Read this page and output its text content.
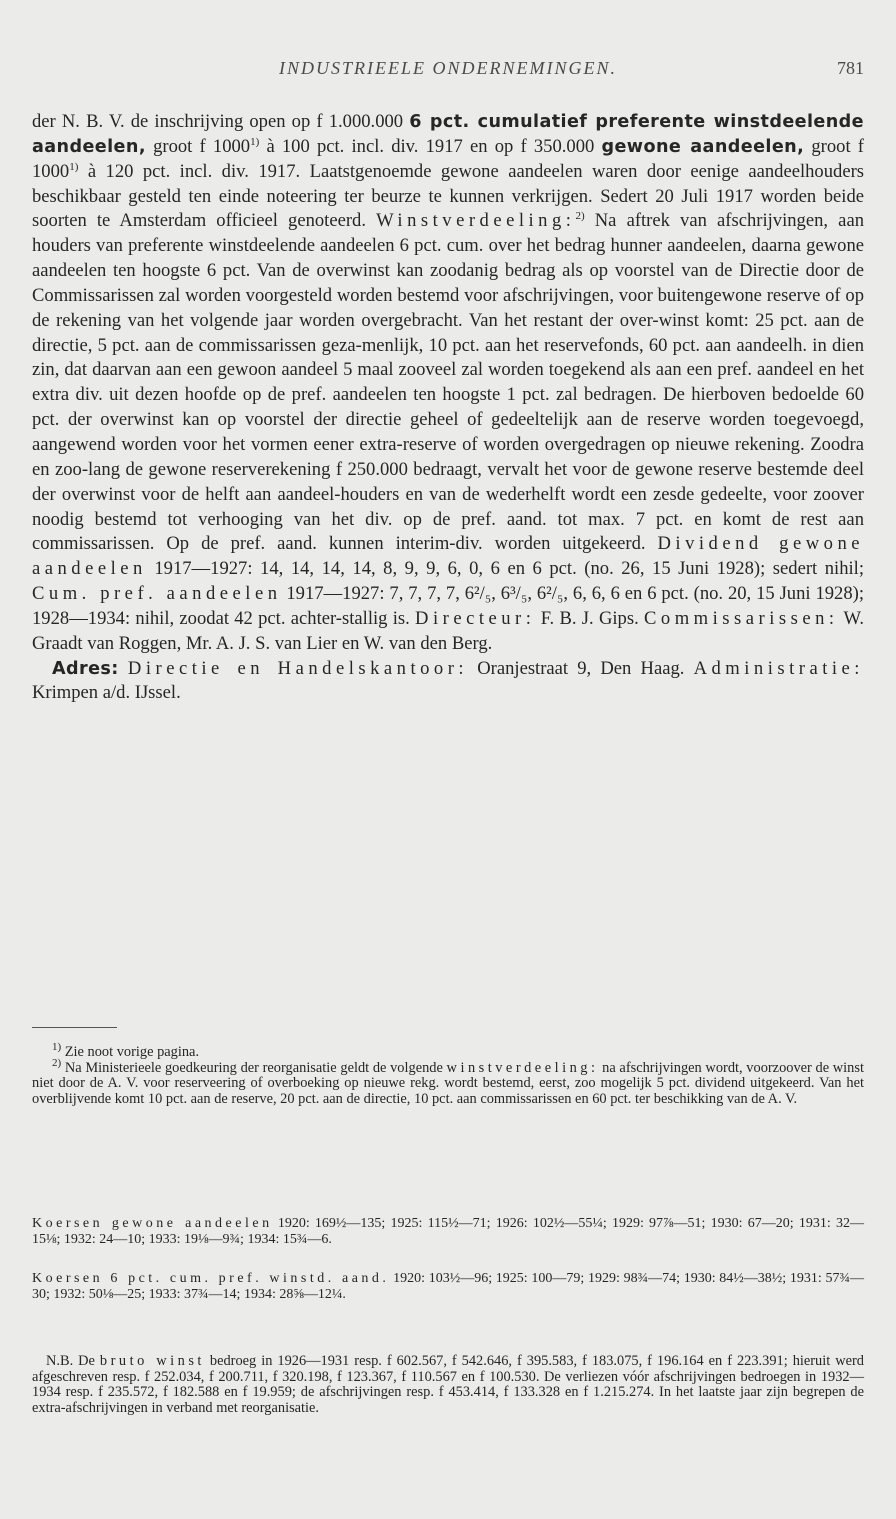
INDUSTRIEELE ONDERNEMINGEN.	781

der N. B. V. de inschrijving open op f 1.000.000 6 pct. cumulatief preferente winstdeelende aandeelen, groot f 1000$^{1)}$ à 100 pct. incl. div. 1917 en op f 350.000 gewone aandeelen, groot f 1000$^{1)}$ à 120 pct. incl. div. 1917. Laatstgenoemde gewone aandeelen waren door eenige aandeelhouders beschikbaar gesteld ten einde noteering ter beurze te kunnen verkrijgen. Sedert 20 Juli 1917 worden beide soorten te Amsterdam officieel genoteerd. Winstverdeeling:$^{2)}$ Na aftrek van afschrijvingen, aan houders van preferente winstdeelende aandeelen 6 pct. cum. over het bedrag hunner aandeelen, daarna gewone aandeelen ten hoogste 6 pct. Van de overwinst kan zoodanig bedrag als op voorstel van de Directie door de Commissarissen zal worden voorgesteld worden bestemd voor afschrijvingen, voor buitengewone reserve of op de rekening van het volgende jaar worden overgebracht. Van het restant der over-winst komt: 25 pct. aan de directie, 5 pct. aan de commissarissen geza-menlijk, 10 pct. aan het reservefonds, 60 pct. aan aandeelh. in dien zin, dat daarvan aan een gewoon aandeel 5 maal zooveel zal worden toegekend als aan een pref. aandeel en het extra div. uit dezen hoofde op de pref. aandeelen ten hoogste 1 pct. zal bedragen. De hierboven bedoelde 60 pct. der overwinst kan op voorstel der directie geheel of gedeeltelijk aan de reserve worden toegevoegd, aangewend worden voor het vormen eener extra-reserve of worden overgedragen op nieuwe rekening. Zoodra en zoo-lang de gewone reserverekening f 250.000 bedraagt, vervalt het voor de gewone reserve bestemde deel der overwinst voor de helft aan aandeel-houders en van de wederhelft wordt een zesde gedeelte, voor zoover noodig bestemd tot verhooging van het div. op de pref. aand. tot max. 7 pct. en komt de rest aan commissarissen. Op de pref. aand. kunnen interim-div. worden uitgekeerd. Dividend gewone aandeelen 1917—1927: 14, 14, 14, 14, 8, 9, 9, 6, 0, 6 en 6 pct. (no. 26, 15 Juni 1928); sedert nihil; Cum. pref. aandeelen 1917—1927: 7, 7, 7, 7, 6²/₅, 6³/₅, 6²/₅, 6, 6, 6 en 6 pct. (no. 20, 15 Juni 1928); 1928—1934: nihil, zoodat 42 pct. achter-stallig is. Directeur: F. B. J. Gips. Commissarissen: W. Graadt van Roggen, Mr. A. J. S. van Lier en W. van den Berg.

Adres: Directie en Handelskantoor: Oranjestraat 9, Den Haag. Administratie: Krimpen a/d. IJssel.

$^{1)}$ Zie noot vorige pagina.

$^{2)}$ Na Ministerieele goedkeuring der reorganisatie geldt de volgende winstverdeeling: na afschrijvingen wordt, voorzoover de winst niet door de A. V. voor reserveering of overboeking op nieuwe rekg. wordt bestemd, eerst, zoo mogelijk 5 pct. dividend uitgekeerd. Van het overblijvende komt 10 pct. aan de reserve, 20 pct. aan de directie, 10 pct. aan commissarissen en 60 pct. ter beschikking van de A. V.

Koersen gewone aandeelen 1920: 169½—135; 1925: 115½—71; 1926: 102½—55¼; 1929: 97⅞—51; 1930: 67—20; 1931: 32—15⅛; 1932: 24—10; 1933: 19⅛—9¾; 1934: 15¾—6.

Koersen 6 pct. cum. pref. winstd. aand. 1920: 103½—96; 1925: 100—79; 1929: 98¾—74; 1930: 84½—38½; 1931: 57¾—30; 1932: 50⅛—25; 1933: 37¾—14; 1934: 28⅝—12¼.

N.B. De bruto winst bedroeg in 1926—1931 resp. f 602.567, f 542.646, f 395.583, f 183.075, f 196.164 en f 223.391; hieruit werd afgeschreven resp. f 252.034, f 200.711, f 320.198, f 123.367, f 110.567 en f 100.530. De verliezen vóór afschrijvingen bedroegen in 1932—1934 resp. f 235.572, f 182.588 en f 19.959; de afschrijvingen resp. f 453.414, f 133.328 en f 1.215.274. In het laatste jaar zijn begrepen de extra-afschrijvingen in verband met reorganisatie.
